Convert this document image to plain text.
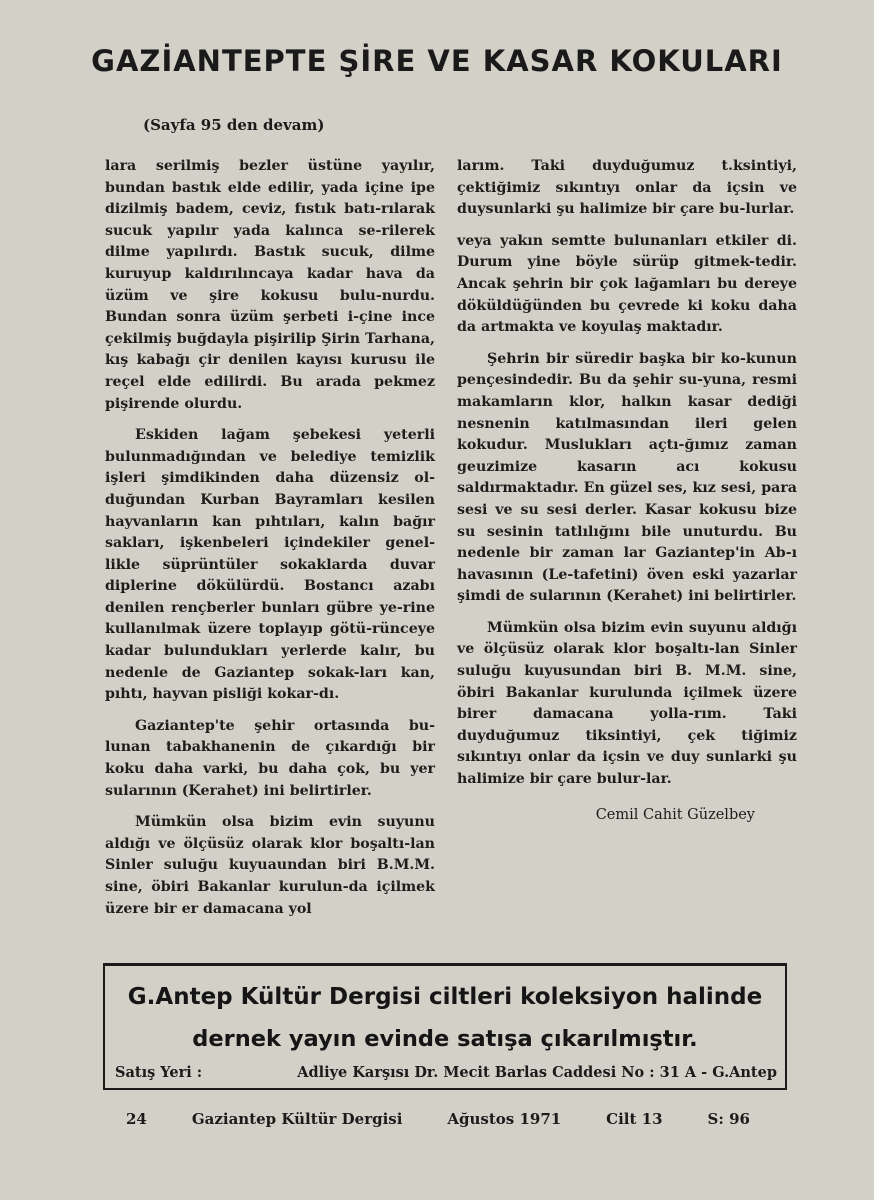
GAZİANTEPTE ŞİRE VE KASAR KOKULARI
(Sayfa 95 den devam)

lara serilmiş bezler üstüne yayılır, bundan bastık elde edilir, yada içine ipe dizilmiş badem, ceviz, fıstık batı-rılarak sucuk yapılır yada kalınca se-rilerek dilme yapılırdı. Bastık sucuk, dilme kuruyup kaldırılıncaya kadar hava da üzüm ve şire kokusu bulu-nurdu. Bundan sonra üzüm şerbeti i-çine ince çekilmiş buğdayla pişirilip Şirin Tarhana, kış kabağı çir denilen kayısı kurusu ile reçel elde edilirdi. Bu arada pekmez pişirende olurdu.

Eskiden lağam şebekesi yeterli bulunmadığından ve belediye temizlik işleri şimdikinden daha düzensiz ol-duğundan Kurban Bayramları kesilen hayvanların kan pıhtıları, kalın bağır sakları, işkenbeleri içindekiler genel-likle süprüntüler sokaklarda duvar diplerine dökülürdü. Bostancı azabı denilen rençberler bunları gübre ye-rine kullanılmak üzere toplayıp götü-rünceye kadar bulundukları yerlerde kalır, bu nedenle de Gaziantep sokak-ları kan, pıhtı, hayvan pisliği kokar-dı.

Gaziantep'te şehir ortasında bu-lunan tabakhanenin de çıkardığı bir koku daha varki, bu daha çok, bu yer sularının (Kerahet) ini belirtirler.

Mümkün olsa bizim evin suyunu aldığı ve ölçüsüz olarak klor boşaltı-lan Sinler suluğu kuyuaundan biri B.M.M. sine, öbiri Bakanlar kurulun-da içilmek üzere bir er damacana yol

larım. Taki duyduğumuz t.ksintiyi, çektiğimiz sıkıntıyı onlar da içsin ve duysunlarki şu halimize bir çare bu-lurlar.

veya yakın semtte bulunanları etkiler di. Durum yine böyle sürüp gitmek-tedir. Ancak şehrin bir çok lağamları bu dereye döküldüğünden bu çevrede ki koku daha da artmakta ve koyulaş maktadır.

Şehrin bir süredir başka bir ko-kunun pençesindedir. Bu da şehir su-yuna, resmi makamların klor, halkın kasar dediği nesnenin katılmasından ileri gelen kokudur. Muslukları açtı-ğımız zaman geuzimize kasarın acı kokusu saldırmaktadır. En güzel ses, kız sesi, para sesi ve su sesi derler. Kasar kokusu bize su sesinin tatlılığını bile unuturdu. Bu nedenle bir zaman lar Gaziantep'in Ab-ı havasının (Le-tafetini) öven eski yazarlar şimdi de sularının (Kerahet) ini belirtirler.

Mümkün olsa bizim evin suyunu aldığı ve ölçüsüz olarak klor boşaltı-lan Sinler suluğu kuyusundan biri B. M.M. sine, öbiri Bakanlar kurulunda içilmek üzere birer damacana yolla-rım. Taki duyduğumuz tiksintiyi, çek tiğimiz sıkıntıyı onlar da içsin ve duy sunlarki şu halimize bir çare bulur-lar.

Cemil Cahit Güzelbey
G.Antep Kültür Dergisi ciltleri koleksiyon halinde
dernek yayın evinde satışa çıkarılmıştır.
Satış Yeri :	Adliye Karşısı Dr. Mecit Barlas Caddesi No : 31 A - G.Antep
24	Gaziantep Kültür Dergisi	Ağustos 1971	Cilt 13	S: 96
